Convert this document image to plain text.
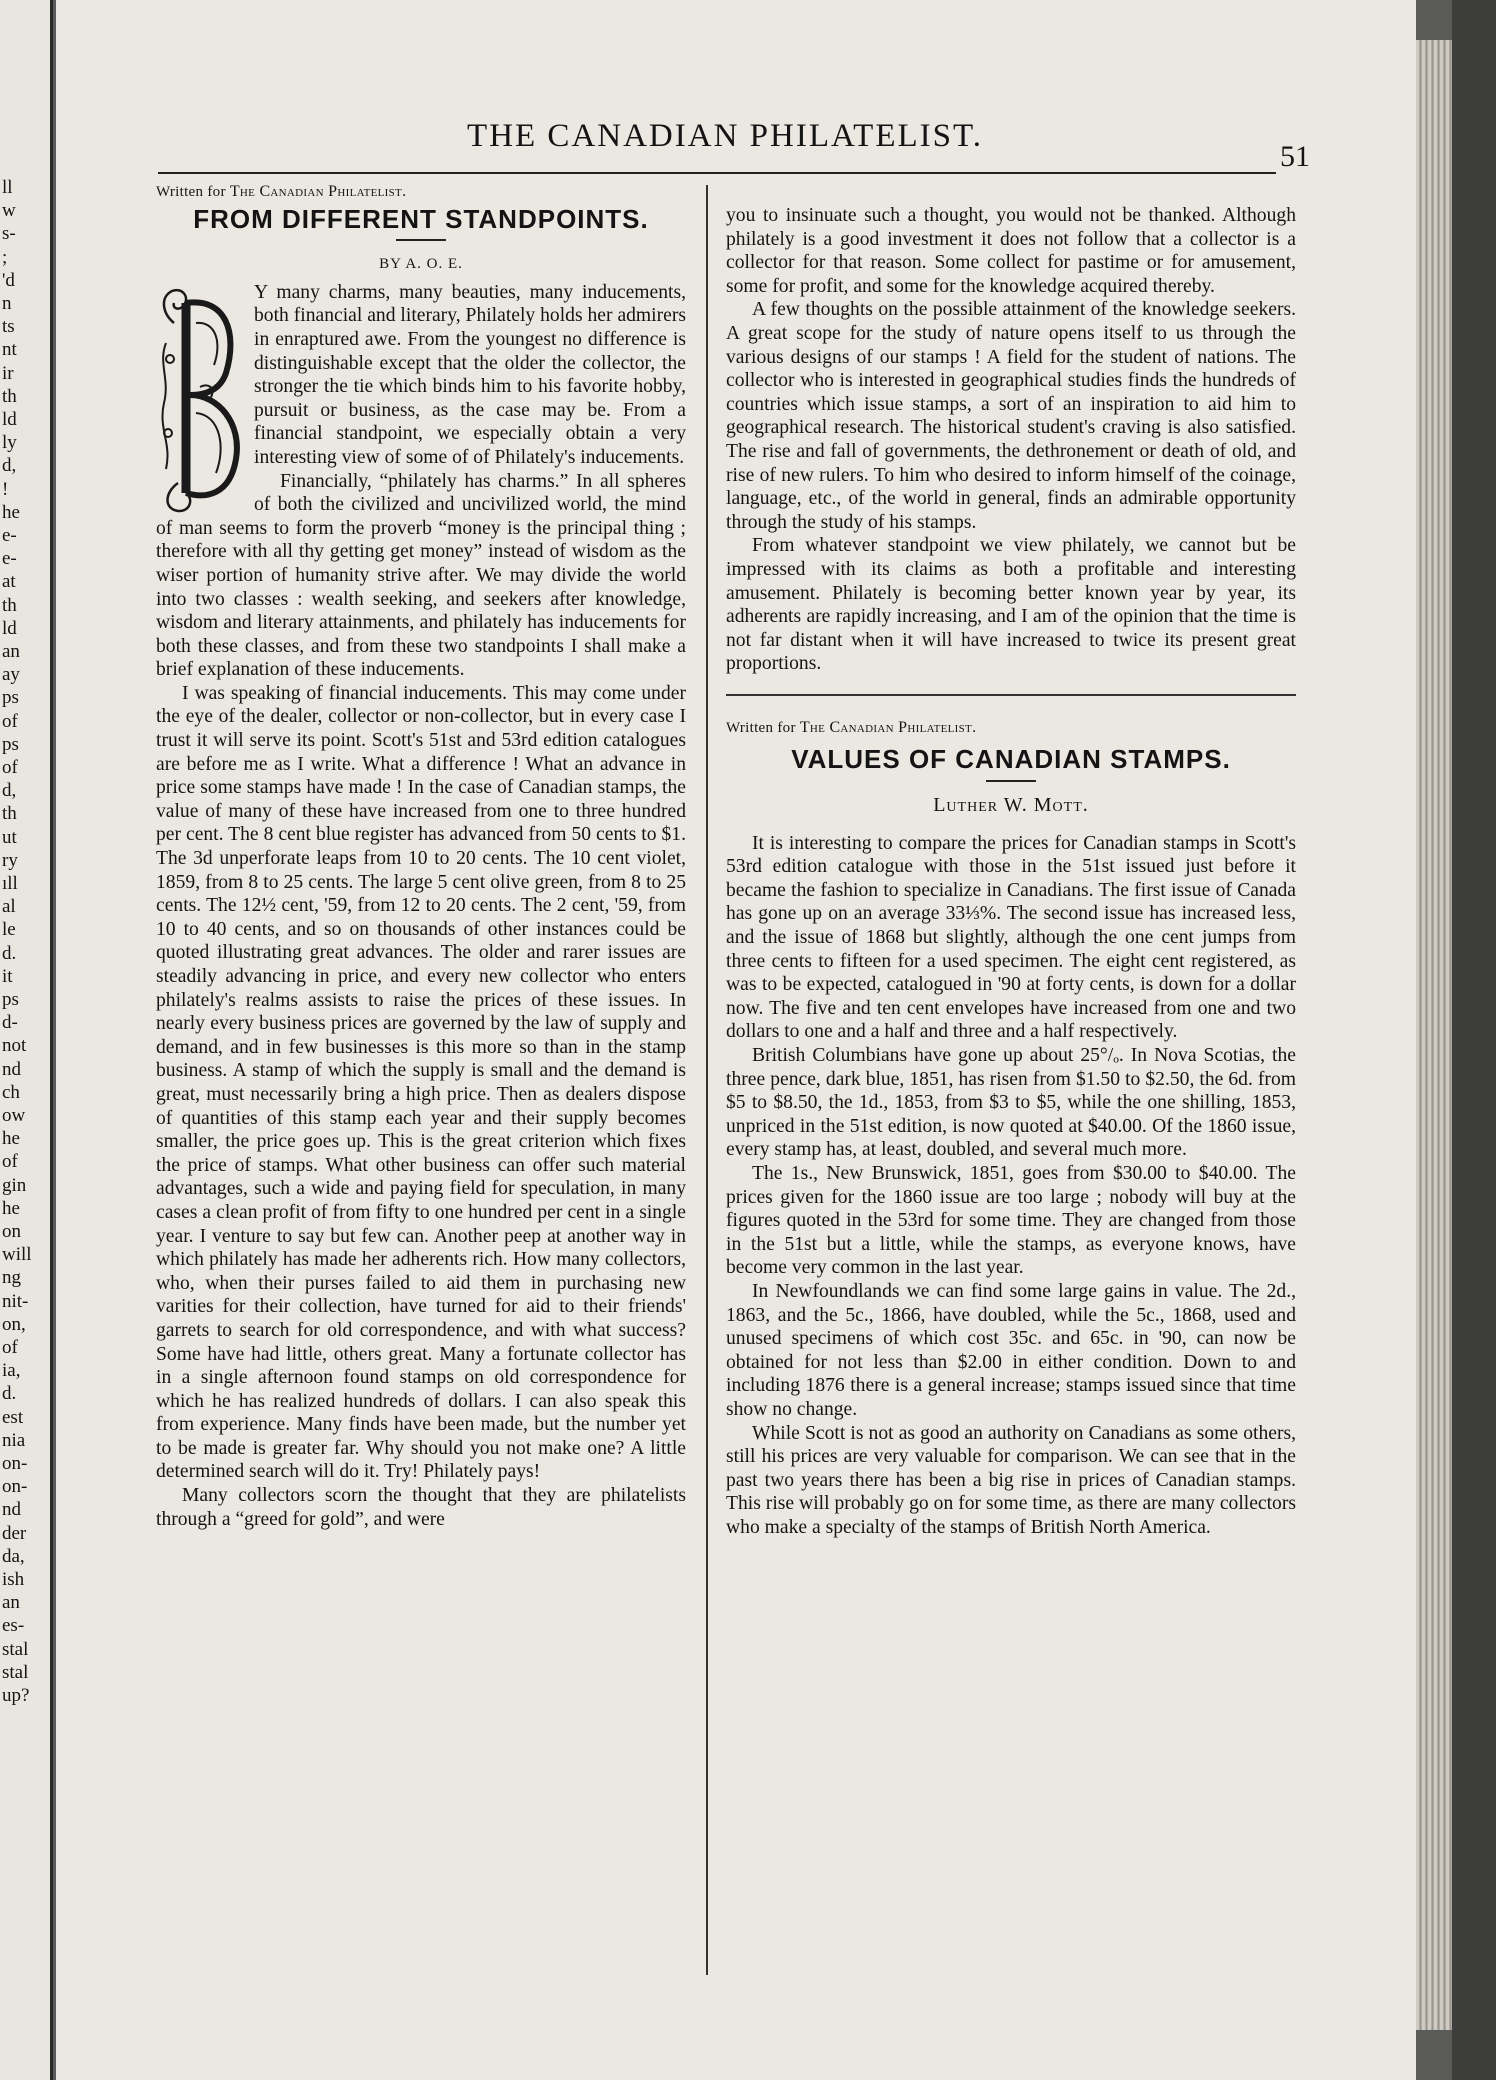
ll
w
s-
;
'd
n
ts
nt
ir
th
ld
ly
d,
!
he
e-
e-
at
th
ld
an
ay
ps
of
ps
of
d,
th
ut
ry
ıll
al
le
d.
it
ps
d-
not
nd
ch
ow
he
of
gin
he
on
will
ng
nit-
on,
of
ia,
d.
est
nia
on-
on-
nd
der
da,
ish
an
es-
stal
stal
up?
THE CANADIAN PHILATELIST.
51
Written for The Canadian Philatelist.
FROM DIFFERENT STANDPOINTS.
BY A. O. E.

Y many charms, many beauties, many inducements, both financial and literary, Philately holds her admirers in enraptured awe. From the youngest no difference is distinguishable except that the older the collector, the stronger the tie which binds him to his favorite hobby, pursuit or business, as the case may be. From a financial standpoint, we especially obtain a very interesting view of some of of Philately's inducements.

Financially, “philately has charms.” In all spheres of both the civilized and uncivilized world, the mind of man seems to form the proverb “money is the principal thing ; therefore with all thy getting get money” instead of wisdom as the wiser portion of humanity strive after. We may divide the world into two classes : wealth seeking, and seekers after knowledge, wisdom and literary attainments, and philately has inducements for both these classes, and from these two standpoints I shall make a brief explanation of these inducements.

I was speaking of financial inducements. This may come under the eye of the dealer, collector or non-collector, but in every case I trust it will serve its point. Scott's 51st and 53rd edition catalogues are before me as I write. What a difference ! What an advance in price some stamps have made ! In the case of Canadian stamps, the value of many of these have increased from one to three hundred per cent. The 8 cent blue register has advanced from 50 cents to $1. The 3d unperforate leaps from 10 to 20 cents. The 10 cent violet, 1859, from 8 to 25 cents. The large 5 cent olive green, from 8 to 25 cents. The 12½ cent, '59, from 12 to 20 cents. The 2 cent, '59, from 10 to 40 cents, and so on thousands of other instances could be quoted illustrating great advances. The older and rarer issues are steadily advancing in price, and every new collector who enters philately's realms assists to raise the prices of these issues. In nearly every business prices are governed by the law of supply and demand, and in few businesses is this more so than in the stamp business. A stamp of which the supply is small and the demand is great, must necessarily bring a high price. Then as dealers dispose of quantities of this stamp each year and their supply becomes smaller, the price goes up. This is the great criterion which fixes the price of stamps. What other business can offer such material advantages, such a wide and paying field for speculation, in many cases a clean profit of from fifty to one hundred per cent in a single year. I venture to say but few can. Another peep at another way in which philately has made her adherents rich. How many collectors, who, when their purses failed to aid them in purchasing new varities for their collection, have turned for aid to their friends' garrets to search for old correspondence, and with what success? Some have had little, others great. Many a fortunate collector has in a single afternoon found stamps on old correspondence for which he has realized hundreds of dollars. I can also speak this from experience. Many finds have been made, but the number yet to be made is greater far. Why should you not make one? A little determined search will do it. Try! Philately pays!

Many collectors scorn the thought that they are philatelists through a “greed for gold”, and were

you to insinuate such a thought, you would not be thanked. Although philately is a good investment it does not follow that a collector is a collector for that reason. Some collect for pastime or for amusement, some for profit, and some for the knowledge acquired thereby.

A few thoughts on the possible attainment of the knowledge seekers. A great scope for the study of nature opens itself to us through the various designs of our stamps ! A field for the student of nations. The collector who is interested in geographical studies finds the hundreds of countries which issue stamps, a sort of an inspiration to aid him to geographical research. The historical student's craving is also satisfied. The rise and fall of governments, the dethronement or death of old, and rise of new rulers. To him who desired to inform himself of the coinage, language, etc., of the world in general, finds an admirable opportunity through the study of his stamps.

From whatever standpoint we view philately, we cannot but be impressed with its claims as both a profitable and interesting amusement. Philately is becoming better known year by year, its adherents are rapidly increasing, and I am of the opinion that the time is not far distant when it will have increased to twice its present great proportions.

Written for The Canadian Philatelist.
VALUES OF CANADIAN STAMPS.
Luther W. Mott.

It is interesting to compare the prices for Canadian stamps in Scott's 53rd edition catalogue with those in the 51st issued just before it became the fashion to specialize in Canadians. The first issue of Canada has gone up on an average 33⅓%. The second issue has increased less, and the issue of 1868 but slightly, although the one cent jumps from three cents to fifteen for a used specimen. The eight cent registered, as was to be expected, catalogued in '90 at forty cents, is down for a dollar now. The five and ten cent envelopes have increased from one and two dollars to one and a half and three and a half respectively.

British Columbians have gone up about 25°/ₒ. In Nova Scotias, the three pence, dark blue, 1851, has risen from $1.50 to $2.50, the 6d. from $5 to $8.50, the 1d., 1853, from $3 to $5, while the one shilling, 1853, unpriced in the 51st edition, is now quoted at $40.00. Of the 1860 issue, every stamp has, at least, doubled, and several much more.

The 1s., New Brunswick, 1851, goes from $30.00 to $40.00. The prices given for the 1860 issue are too large ; nobody will buy at the figures quoted in the 53rd for some time. They are changed from those in the 51st but a little, while the stamps, as everyone knows, have become very common in the last year.

In Newfoundlands we can find some large gains in value. The 2d., 1863, and the 5c., 1866, have doubled, while the 5c., 1868, used and unused specimens of which cost 35c. and 65c. in '90, can now be obtained for not less than $2.00 in either condition. Down to and including 1876 there is a general increase; stamps issued since that time show no change.

While Scott is not as good an authority on Canadians as some others, still his prices are very valuable for comparison. We can see that in the past two years there has been a big rise in prices of Canadian stamps. This rise will probably go on for some time, as there are many collectors who make a specialty of the stamps of British North America.
